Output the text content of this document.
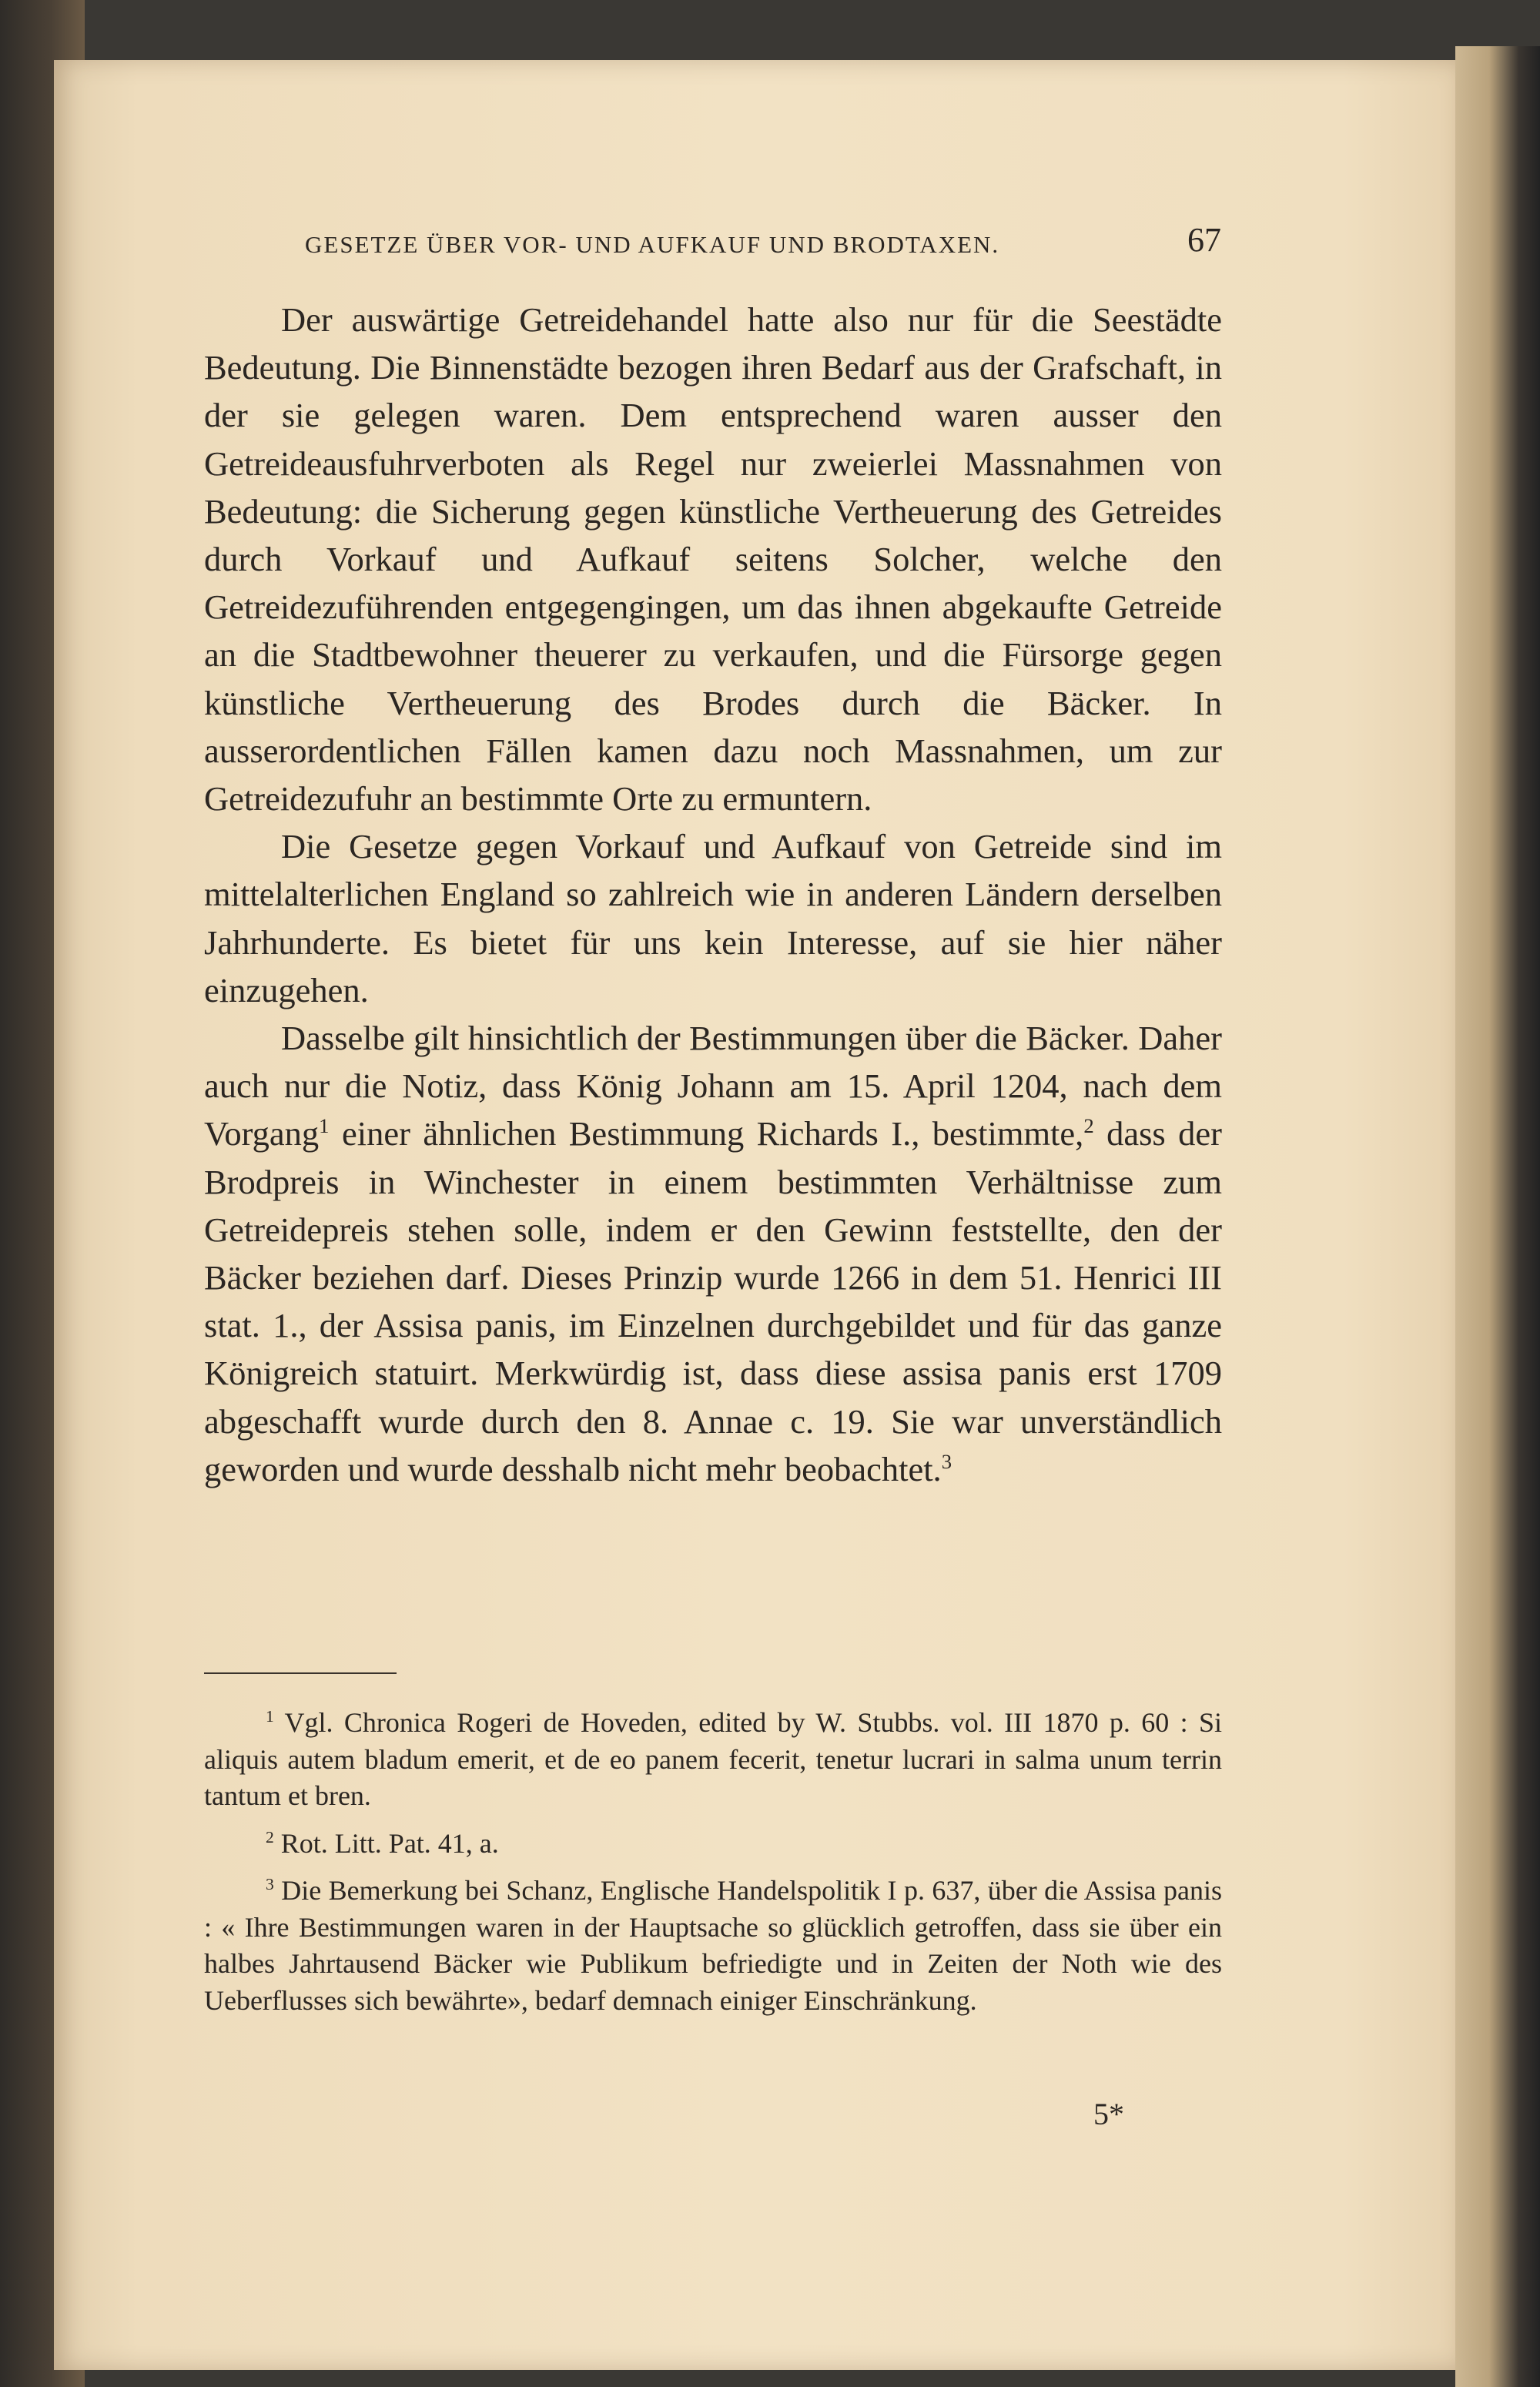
GESETZE ÜBER VOR- UND AUFKAUF UND BRODTAXEN.	67

Der auswärtige Getreidehandel hatte also nur für die Seestädte Bedeutung. Die Binnenstädte bezogen ihren Bedarf aus der Grafschaft, in der sie gelegen waren. Dem entsprechend waren ausser den Getreideausfuhrverboten als Regel nur zweierlei Massnahmen von Bedeutung: die Sicherung gegen künstliche Vertheuerung des Getreides durch Vorkauf und Aufkauf seitens Solcher, welche den Getreidezuführenden entgegengingen, um das ihnen abgekaufte Getreide an die Stadtbewohner theuerer zu verkaufen, und die Fürsorge gegen künstliche Vertheuerung des Brodes durch die Bäcker. In ausserordentlichen Fällen kamen dazu noch Massnahmen, um zur Getreidezufuhr an bestimmte Orte zu ermuntern.

Die Gesetze gegen Vorkauf und Aufkauf von Getreide sind im mittelalterlichen England so zahlreich wie in anderen Ländern derselben Jahrhunderte. Es bietet für uns kein Interesse, auf sie hier näher einzugehen.

Dasselbe gilt hinsichtlich der Bestimmungen über die Bäcker. Daher auch nur die Notiz, dass König Johann am 15. April 1204, nach dem Vorgang$^1$ einer ähnlichen Bestimmung Richards I., bestimmte,$^2$ dass der Brodpreis in Winchester in einem bestimmten Verhältnisse zum Getreidepreis stehen solle, indem er den Gewinn feststellte, den der Bäcker beziehen darf. Dieses Prinzip wurde 1266 in dem 51. Henrici III stat. 1., der Assisa panis, im Einzelnen durchgebildet und für das ganze Königreich statuirt. Merkwürdig ist, dass diese assisa panis erst 1709 abgeschafft wurde durch den 8. Annae c. 19. Sie war unverständlich geworden und wurde desshalb nicht mehr beobachtet.$^3$

$^1$ Vgl. Chronica Rogeri de Hoveden, edited by W. Stubbs. vol. III 1870 p. 60 : Si aliquis autem bladum emerit, et de eo panem fecerit, tenetur lucrari in salma unum terrin tantum et bren.

$^2$ Rot. Litt. Pat. 41, a.

$^3$ Die Bemerkung bei Schanz, Englische Handelspolitik I p. 637, über die Assisa panis : « Ihre Bestimmungen waren in der Hauptsache so glücklich getroffen, dass sie über ein halbes Jahrtausend Bäcker wie Publikum befriedigte und in Zeiten der Noth wie des Ueberflusses sich bewährte», bedarf demnach einiger Einschränkung.

5*
